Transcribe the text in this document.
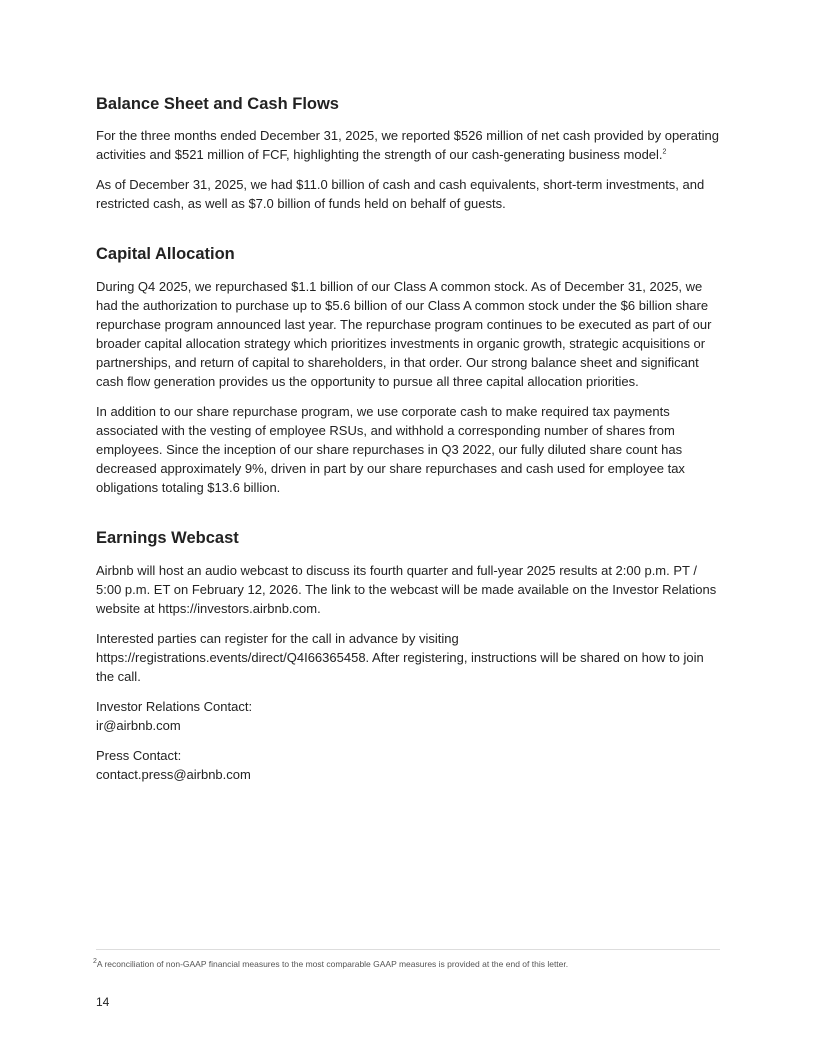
Balance Sheet and Cash Flows

For the three months ended December 31, 2025, we reported $526 million of net cash provided by operating activities and $521 million of FCF, highlighting the strength of our cash-generating business model.$^2$

As of December 31, 2025, we had $11.0 billion of cash and cash equivalents, short-term investments, and restricted cash, as well as $7.0 billion of funds held on behalf of guests.

Capital Allocation

During Q4 2025, we repurchased $1.1 billion of our Class A common stock. As of December 31, 2025, we had the authorization to purchase up to $5.6 billion of our Class A common stock under the $6 billion share repurchase program announced last year. The repurchase program continues to be executed as part of our broader capital allocation strategy which prioritizes investments in organic growth, strategic acquisitions or partnerships, and return of capital to shareholders, in that order. Our strong balance sheet and significant cash flow generation provides us the opportunity to pursue all three capital allocation priorities.

In addition to our share repurchase program, we use corporate cash to make required tax payments associated with the vesting of employee RSUs, and withhold a corresponding number of shares from employees. Since the inception of our share repurchases in Q3 2022, our fully diluted share count has decreased approximately 9%, driven in part by our share repurchases and cash used for employee tax obligations totaling $13.6 billion.

Earnings Webcast

Airbnb will host an audio webcast to discuss its fourth quarter and full-year 2025 results at 2:00 p.m. PT / 5:00 p.m. ET on February 12, 2026. The link to the webcast will be made available on the Investor Relations website at https://investors.airbnb.com.

Interested parties can register for the call in advance by visiting https://registrations.events/direct/Q4I66365458. After registering, instructions will be shared on how to join the call.

Investor Relations Contact:
ir@airbnb.com

Press Contact:
contact.press@airbnb.com

$^2$A reconciliation of non-GAAP financial measures to the most comparable GAAP measures is provided at the end of this letter.
14
